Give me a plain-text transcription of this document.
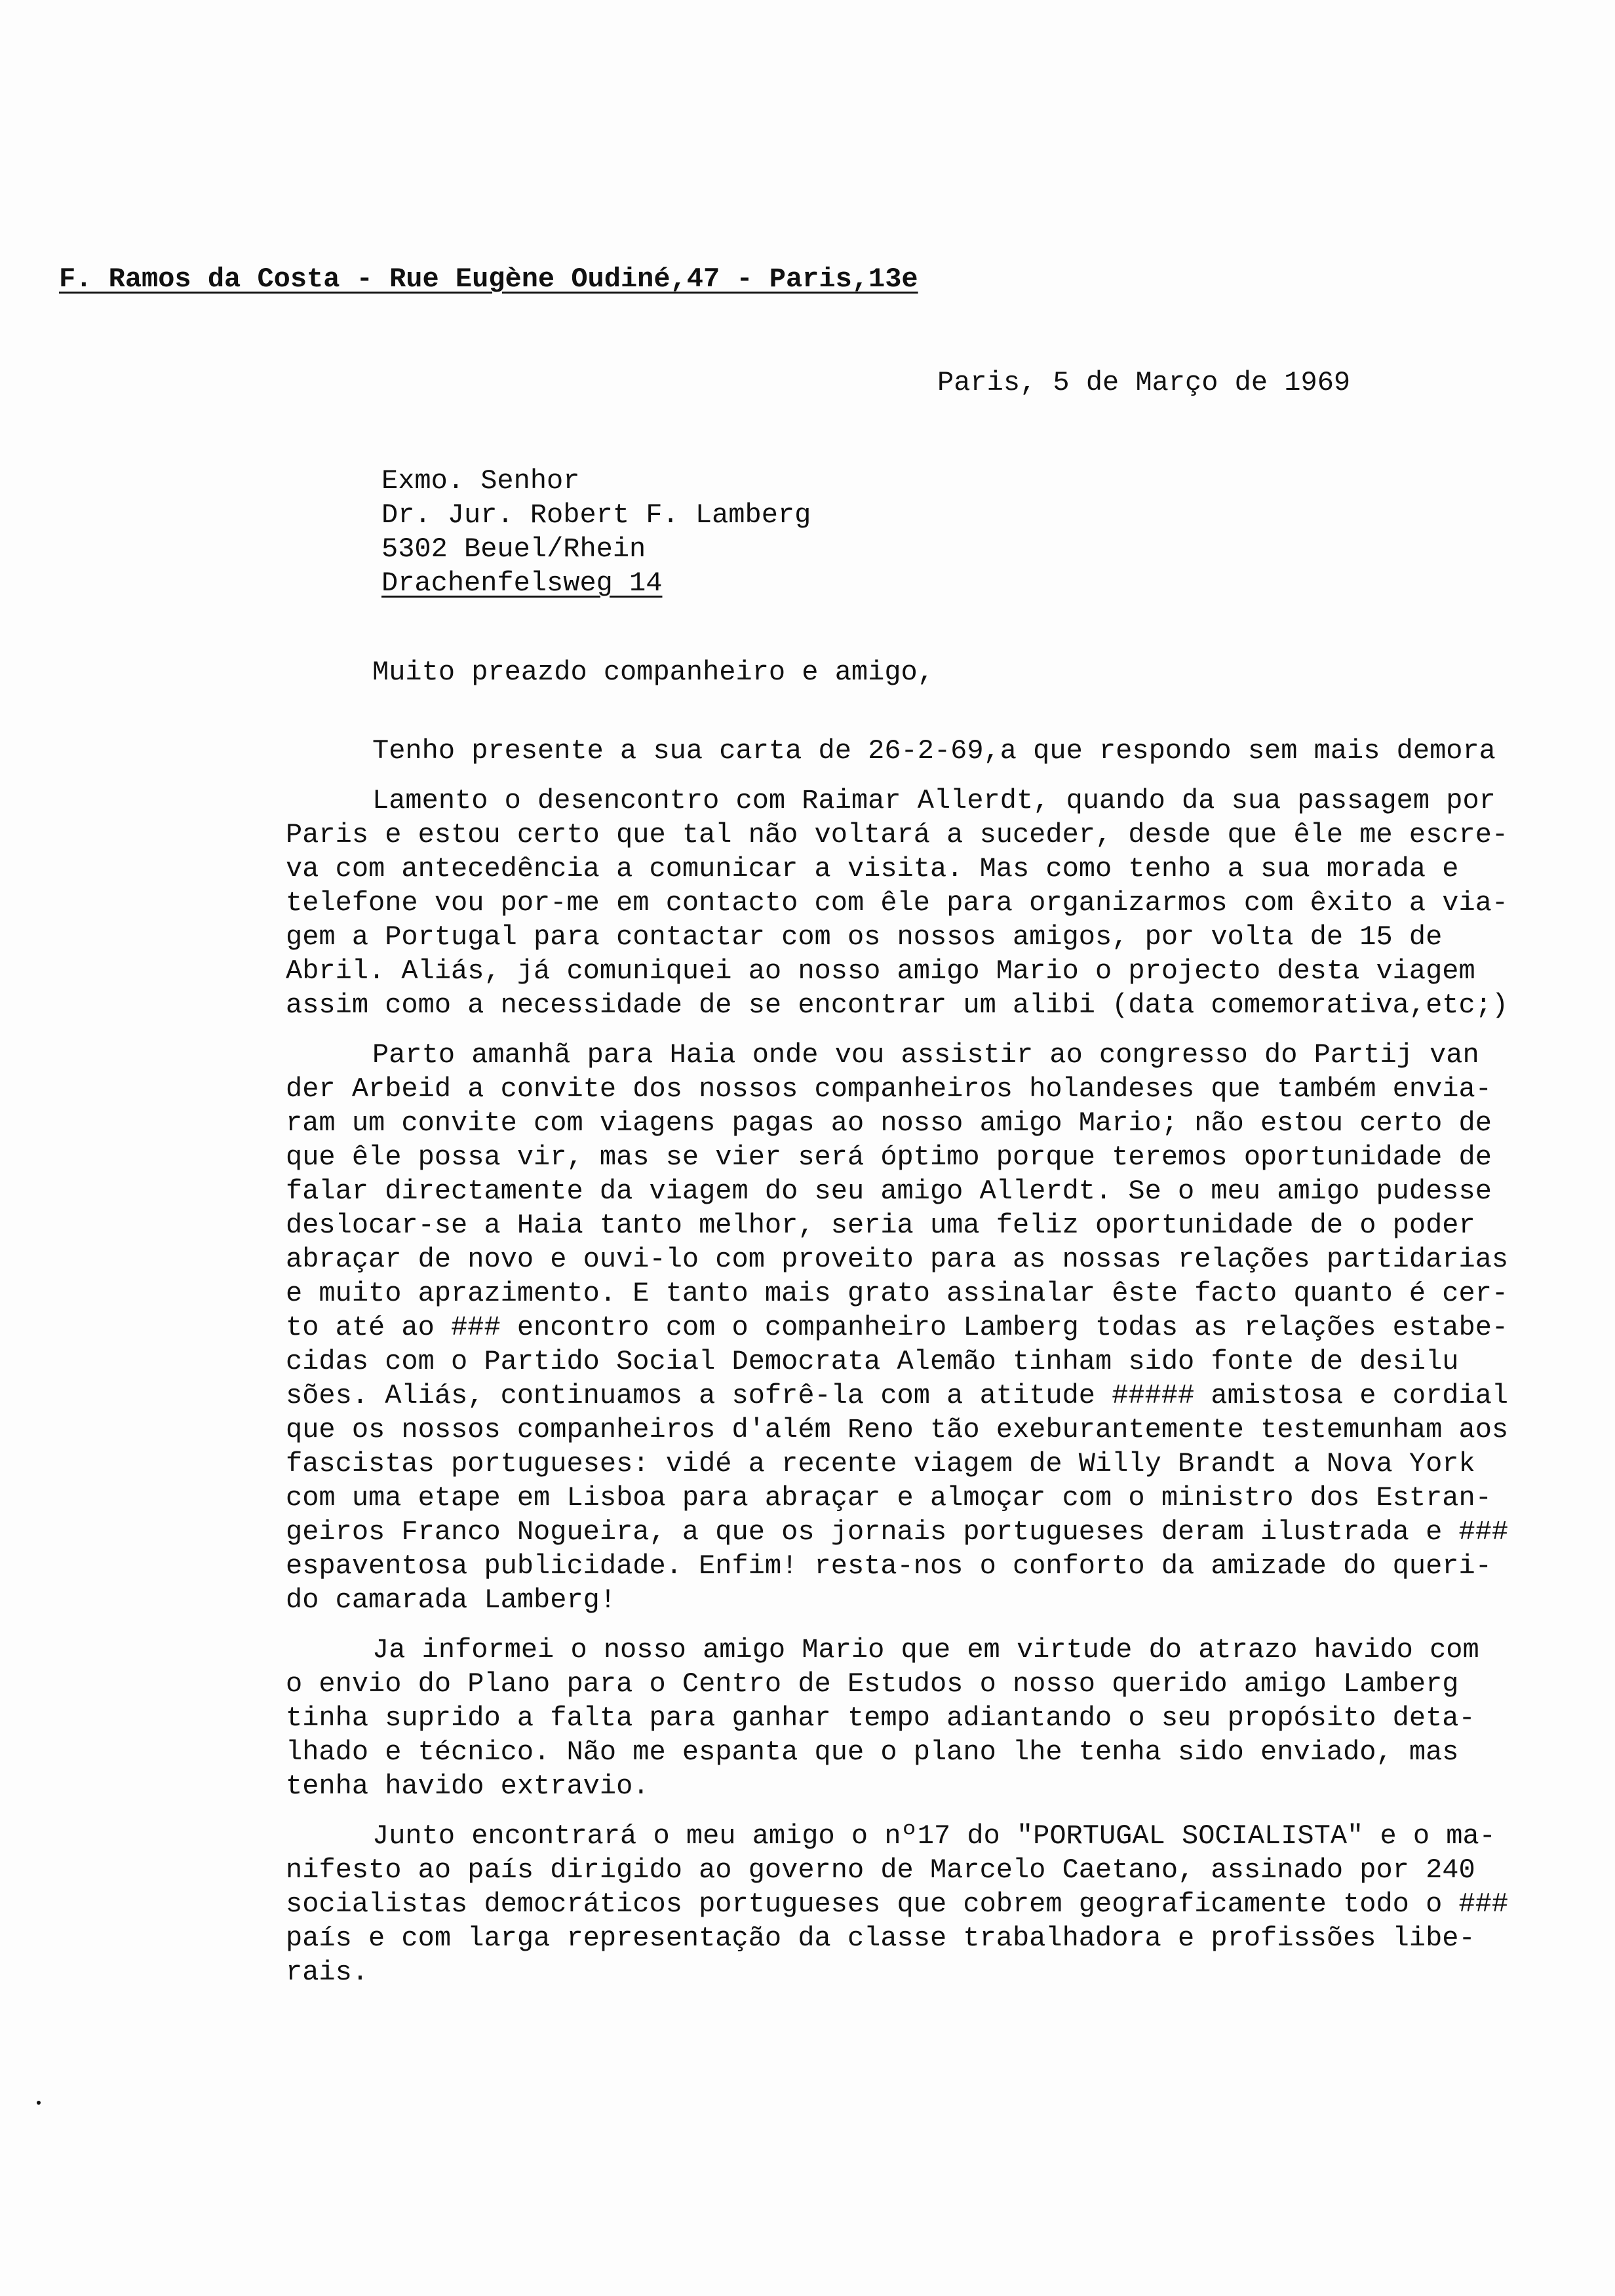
F. Ramos da Costa - Rue Eugène Oudiné,47 - Paris,13e
Paris, 5 de Março de 1969
Exmo. Senhor
Dr. Jur. Robert F. Lamberg
5302 Beuel/Rhein
Drachenfelsweg 14
Muito preazdo companheiro e amigo,
Tenho presente a sua carta de 26-2-69,a que respondo sem mais demora
Lamento o desencontro com Raimar Allerdt, quando da sua passagem por
Paris e estou certo que tal não voltará a suceder, desde que êle me escre-
va com antecedência a comunicar a visita. Mas como tenho a sua morada e
telefone vou por-me em contacto com êle para organizarmos com êxito a via-
gem a Portugal para contactar com os nossos amigos, por volta de 15 de
Abril. Aliás, já comuniquei ao nosso amigo Mario o projecto desta viagem
assim como a necessidade de se encontrar um alibi (data comemorativa,etc;)
Parto amanhã para Haia onde vou assistir ao congresso do Partij van
der Arbeid a convite dos nossos companheiros holandeses que também envia-
ram um convite com viagens pagas ao nosso amigo Mario; não estou certo de
que êle possa vir, mas se vier será óptimo porque teremos oportunidade de
falar directamente da viagem do seu amigo Allerdt. Se o meu amigo pudesse
deslocar-se a Haia tanto melhor, seria uma feliz oportunidade de o poder
abraçar de novo e ouvi-lo com proveito para as nossas relações partidarias
e muito aprazimento. E tanto mais grato assinalar êste facto quanto é cer-
to até ao ### encontro com o companheiro Lamberg todas as relações estabe-
cidas com o Partido Social Democrata Alemão tinham sido fonte de desilu
sões. Aliás, continuamos a sofrê-la com a atitude ##### amistosa e cordial
que os nossos companheiros d'além Reno tão exeburantemente testemunham aos
fascistas portugueses: vidé a recente viagem de Willy Brandt a Nova York
com uma etape em Lisboa para abraçar e almoçar com o ministro dos Estran-
geiros Franco Nogueira, a que os jornais portugueses deram ilustrada e ###
espaventosa publicidade. Enfim! resta-nos o conforto da amizade do queri-
do camarada Lamberg!
Ja informei o nosso amigo Mario que em virtude do atrazo havido com
o envio do Plano para o Centro de Estudos o nosso querido amigo Lamberg
tinha suprido a falta para ganhar tempo adiantando o seu propósito deta-
lhado e técnico. Não me espanta que o plano lhe tenha sido enviado, mas
tenha havido extravio.
Junto encontrará o meu amigo o nº17 do "PORTUGAL SOCIALISTA" e o ma-
nifesto ao país dirigido ao governo de Marcelo Caetano, assinado por 240
socialistas democráticos portugueses que cobrem geograficamente todo o ###
país e com larga representação da classe trabalhadora e profissões libe-
rais.
